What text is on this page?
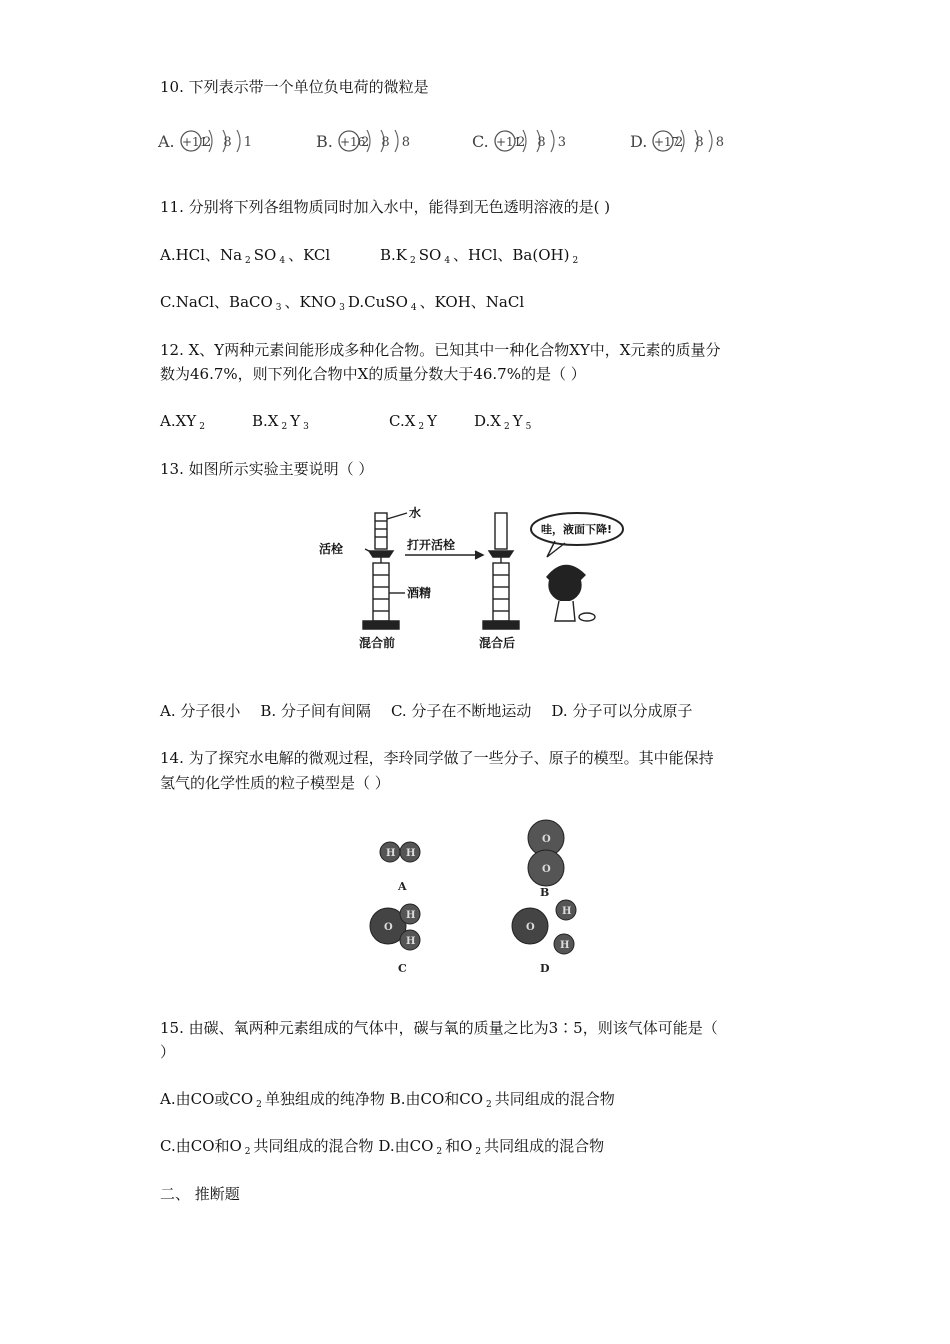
10. 下列表示带一个单位负电荷的微粒是
A. +11
2 8 1	B. +16
2 8 8	C. +11
2 8 3	D. +17
2 8 8
11. 分别将下列各组物质同时加入水中，能得到无色透明溶液的是( )
A.HCl、Na $_2$ SO $_4$ 、KCl	B.K $_2$ SO $_4$ 、HCl、Ba(OH) $_2$
C.NaCl、BaCO $_3$ 、KNO $_3$ D.CuSO $_4$ 、KOH、NaCl
12. X、Y两种元素间能形成多种化合物。已知其中一种化合物XY中，X元素的质量分
数为46.7%，则下列化合物中X的质量分数大于46.7%的是（ ）
A.XY 2	B.X 2 Y 3	C.X 2 Y D.X 2 Y 5
13. 如图所示实验主要说明（ ）
水
活栓	打开活栓
酒精
混合前	混合后
哇，液面下降!
A. 分子很小 B. 分子间有间隔 C. 分子在不断地运动 D. 分子可以分成原子
14. 为了探究水电解的微观过程，李玲同学做了一些分子、原子的模型。其中能保持
氢气的化学性质的粒子模型是（ ）
H H
O
O
O
H
H
O
H
H
A	B
C	D
15. 由碳、氧两种元素组成的气体中，碳与氧的质量之比为3∶5，则该气体可能是（
）
A.由CO或CO $_2$ 单独组成的纯净物 B.由CO和CO $_2$ 共同组成的混合物
C.由CO和O $_2$ 共同组成的混合物 D.由CO $_2$ 和O $_2$ 共同组成的混合物
二、 推断题
